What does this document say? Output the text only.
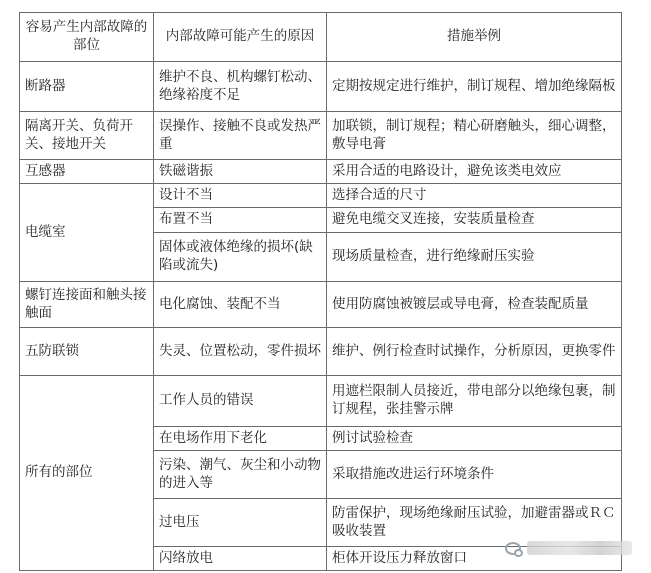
容易产生内部故障的部位	内部故障可能产生的原因	措施举例
断路器	维护不良、机构螺钉松动、绝缘裕度不足	定期按规定进行维护，制订规程、增加绝缘隔板
隔离开关、负荷开关、接地开关	误操作、接触不良或发热严重	加联锁，制订规程；精心研磨触头，细心调整，敷导电膏
互感器	铁磁谐振	采用合适的电路设计，避免该类电效应
电缆室	设计不当	选择合适的尺寸
	布置不当	避免电缆交叉连接，安装质量检查
	固体或液体绝缘的损坏(缺陷或流失)	现场质量检查，进行绝缘耐压实验
螺钉连接面和触头接触面	电化腐蚀、装配不当	使用防腐蚀被镀层或导电膏，检查装配质量
五防联锁	失灵、位置松动，零件损坏	维护、例行检查时试操作，分析原因，更换零件
所有的部位	工作人员的错误	用遮栏限制人员接近，带电部分以绝缘包裹，制订规程，张挂警示牌
	在电场作用下老化	例讨试验检查
	污染、潮气、灰尘和小动物的进入等	采取措施改进运行环境条件
	过电压	防雷保护，现场绝缘耐压试验，加避雷器或ＲＣ吸收装置
	闪络放电	柜体开设压力释放窗口
